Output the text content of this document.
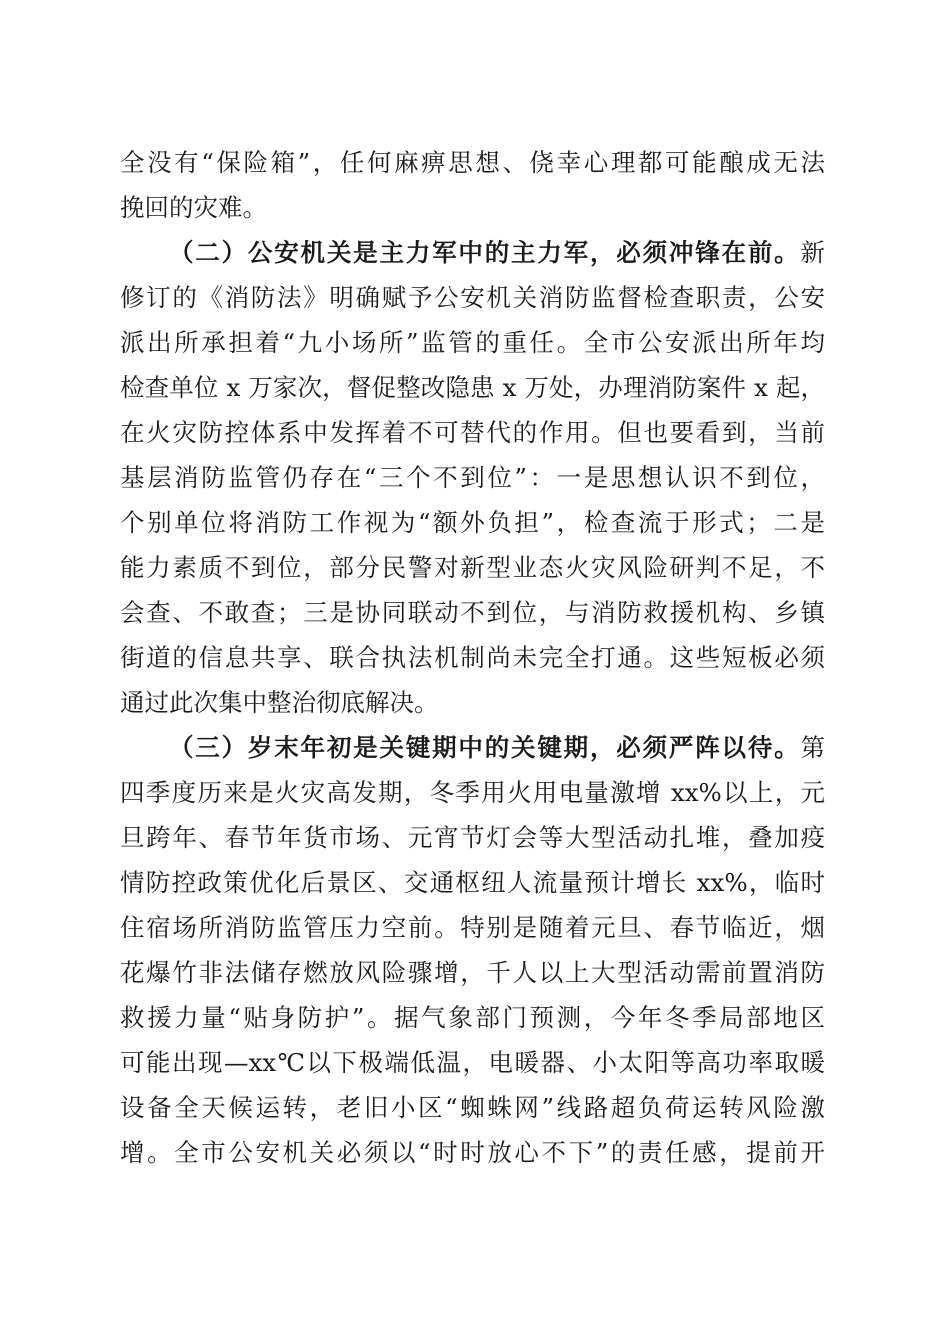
全没有“保险箱”，任何麻痹思想、侥幸心理都可能酿成无法
挽回的灾难。
（二）公安机关是主力军中的主力军，必须冲锋在前。新
修订的《消防法》明确赋予公安机关消防监督检查职责，公安
派出所承担着“九小场所”监管的重任。全市公安派出所年均
检查单位 x 万家次，督促整改隐患 x 万处，办理消防案件 x 起，
在火灾防控体系中发挥着不可替代的作用。但也要看到，当前
基层消防监管仍存在“三个不到位”：一是思想认识不到位，
个别单位将消防工作视为“额外负担”，检查流于形式；二是
能力素质不到位，部分民警对新型业态火灾风险研判不足，不
会查、不敢查；三是协同联动不到位，与消防救援机构、乡镇
街道的信息共享、联合执法机制尚未完全打通。这些短板必须
通过此次集中整治彻底解决。
（三）岁末年初是关键期中的关键期，必须严阵以待。第
四季度历来是火灾高发期，冬季用火用电量激增 xx%以上，元
旦跨年、春节年货市场、元宵节灯会等大型活动扎堆，叠加疫
情防控政策优化后景区、交通枢纽人流量预计增长 xx%，临时
住宿场所消防监管压力空前。特别是随着元旦、春节临近，烟
花爆竹非法储存燃放风险骤增，千人以上大型活动需前置消防
救援力量“贴身防护”。据气象部门预测，今年冬季局部地区
可能出现—xx℃以下极端低温，电暖器、小太阳等高功率取暖
设备全天候运转，老旧小区“蜘蛛网”线路超负荷运转风险激
增。全市公安机关必须以“时时放心不下”的责任感，提前开
